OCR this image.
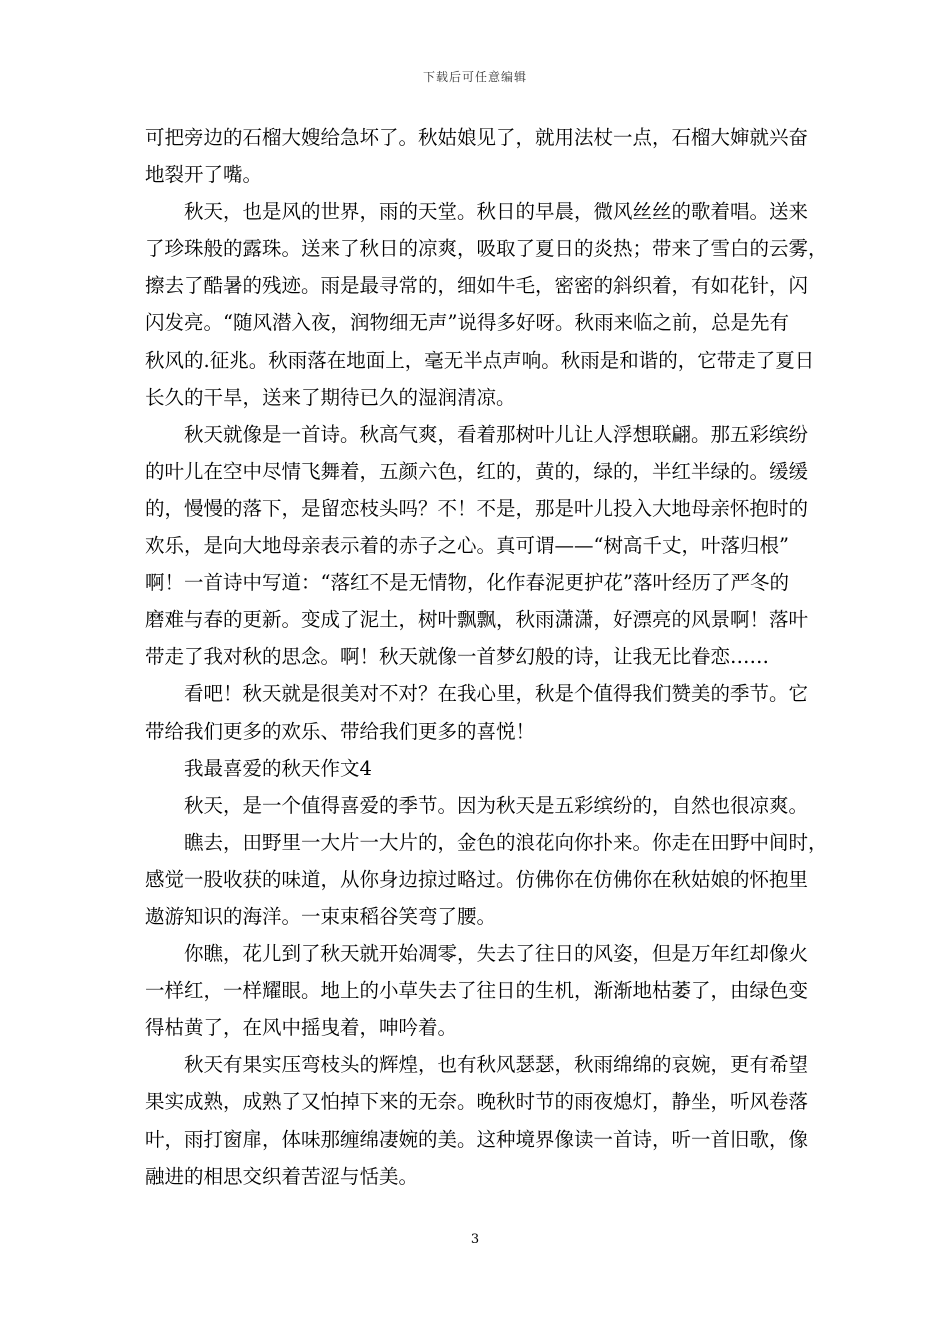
下载后可任意编辑
可把旁边的石榴大嫂给急坏了。秋姑娘见了，就用法杖一点，石榴大婶就兴奋
地裂开了嘴。
　　秋天，也是风的世界，雨的天堂。秋日的早晨，微风丝丝的歌着唱。送来
了珍珠般的露珠。送来了秋日的凉爽，吸取了夏日的炎热；带来了雪白的云雾，
擦去了酷暑的残迹。雨是最寻常的，细如牛毛，密密的斜织着，有如花针，闪
闪发亮。“随风潜入夜，润物细无声”说得多好呀。秋雨来临之前，总是先有
秋风的.征兆。秋雨落在地面上，毫无半点声响。秋雨是和谐的，它带走了夏日
长久的干旱，送来了期待已久的湿润清凉。
　　秋天就像是一首诗。秋高气爽，看着那树叶儿让人浮想联翩。那五彩缤纷
的叶儿在空中尽情飞舞着，五颜六色，红的，黄的，绿的，半红半绿的。缓缓
的，慢慢的落下，是留恋枝头吗？不！不是，那是叶儿投入大地母亲怀抱时的
欢乐，是向大地母亲表示着的赤子之心。真可谓——“树高千丈，叶落归根”
啊！一首诗中写道：“落红不是无情物，化作春泥更护花”落叶经历了严冬的
磨难与春的更新。变成了泥土，树叶飘飘，秋雨潇潇，好漂亮的风景啊！落叶
带走了我对秋的思念。啊！秋天就像一首梦幻般的诗，让我无比眷恋……
　　看吧！秋天就是很美对不对？在我心里，秋是个值得我们赞美的季节。它
带给我们更多的欢乐、带给我们更多的喜悦！
　　我最喜爱的秋天作文4
　　秋天，是一个值得喜爱的季节。因为秋天是五彩缤纷的，自然也很凉爽。
　　瞧去，田野里一大片一大片的，金色的浪花向你扑来。你走在田野中间时，
感觉一股收获的味道，从你身边掠过略过。仿佛你在仿佛你在秋姑娘的怀抱里
遨游知识的海洋。一束束稻谷笑弯了腰。
　　你瞧，花儿到了秋天就开始凋零，失去了往日的风姿，但是万年红却像火
一样红，一样耀眼。地上的小草失去了往日的生机，渐渐地枯萎了，由绿色变
得枯黄了，在风中摇曳着，呻吟着。
　　秋天有果实压弯枝头的辉煌，也有秋风瑟瑟，秋雨绵绵的哀婉，更有希望
果实成熟，成熟了又怕掉下来的无奈。晚秋时节的雨夜熄灯，静坐，听风卷落
叶，雨打窗扉，体味那缠绵凄婉的美。这种境界像读一首诗，听一首旧歌，像
融进的相思交织着苦涩与恬美。
3
